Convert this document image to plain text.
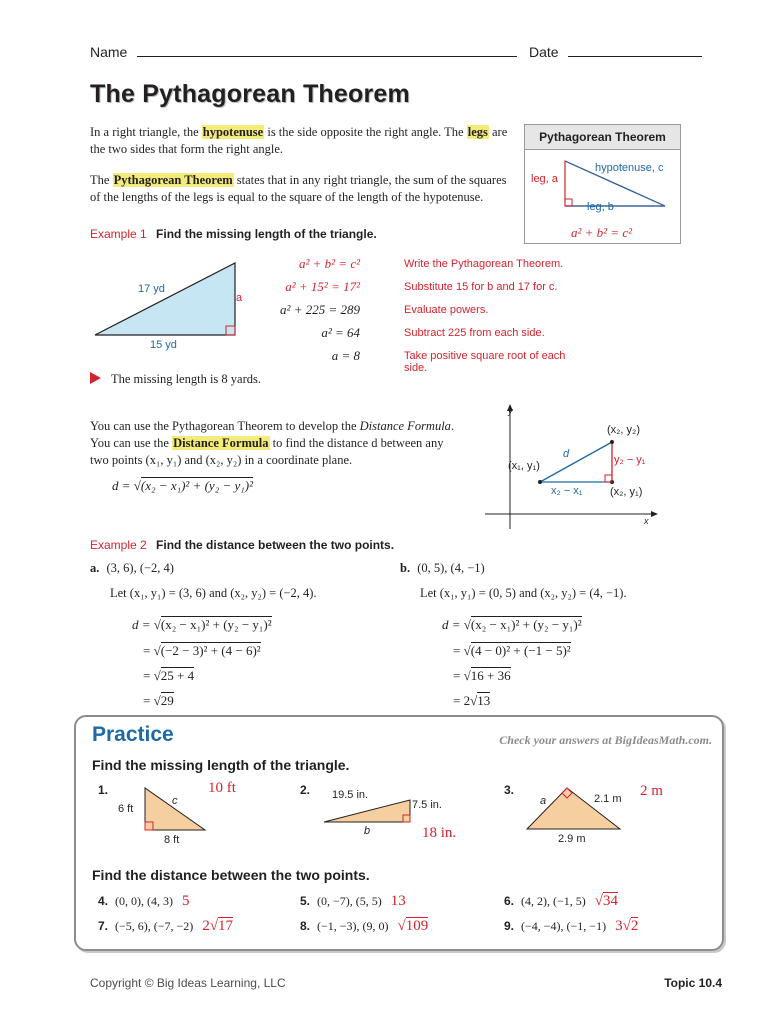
Name	Date
The Pythagorean Theorem
In a right triangle, the hypotenuse is the side opposite the right angle. The legs are
the two sides that form the right angle.
The Pythagorean Theorem states that in any right triangle, the sum of the squares
of the lengths of the legs is equal to the square of the length of the hypotenuse.
Pythagorean Theorem
hypotenuse, c
leg, a
leg, b
a² + b² = c²
Example 1 Find the missing length of the triangle.
17 yd
15 yd
a
a² + b² = c²	Write the Pythagorean Theorem.
a² + 15² = 17²	Substitute 15 for b and 17 for c.
a² + 225 = 289	Evaluate powers.
a² = 64	Subtract 225 from each side.
a = 8	Take positive square root of each side.
The missing length is 8 yards.
You can use the Pythagorean Theorem to develop the Distance Formula.
You can use the Distance Formula to find the distance d between any
two points (x₁, y₁) and (x₂, y₂) in a coordinate plane.
d = √(x₂ − x₁)² + (y₂ − y₁)²
y
x
(x₂, y₂)
(x₁, y₁)
(x₂, y₁)
d	y₂ − y₁
x₂ − x₁
Example 2 Find the distance between the two points.
a. (3, 6), (−2, 4)
Let (x₁, y₁) = (3, 6) and (x₂, y₂) = (−2, 4).
d = √(x₂ − x₁)² + (y₂ − y₁)²
= √(−2 − 3)² + (4 − 6)²
= √25 + 4
= √29
b. (0, 5), (4, −1)
Let (x₁, y₁) = (0, 5) and (x₂, y₂) = (4, −1).
d = √(x₂ − x₁)² + (y₂ − y₁)²
= √(4 − 0)² + (−1 − 5)²
= √16 + 36
= 2√13
Practice	Check your answers at BigIdeasMath.com.
Find the missing length of the triangle.
1.
6 ft
8 ft
c
10 ft	2. 19.5 in.
7.5 in.
b	18 in.
3.
a	2.1 m
2.9 m
2 m
Find the distance between the two points.
4. (0, 0), (4, 3) 5	5. (0, −7), (5, 5) 13	6. (4, 2), (−1, 5) √34
7. (−5, 6), (−7, −2) 2√17	8. (−1, −3), (9, 0) √109	9. (−4, −4), (−1, −1) 3√2
Copyright © Big Ideas Learning, LLC	Topic 10.4
